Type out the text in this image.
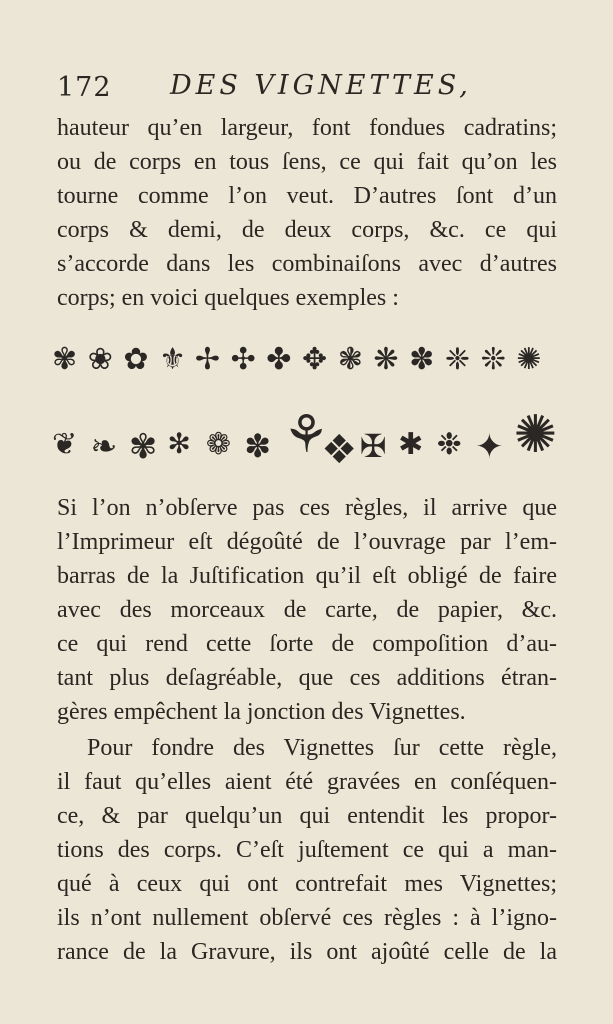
172 DES VIGNETTES,
hauteur qu’en largeur, font fondues cadratins;
ou de corps en tous ſens, ce qui fait qu’on les
tourne comme l’on veut. D’autres ſont d’un
corps & demi, de deux corps, &c. ce qui
s’accorde dans les combinaiſons avec d’autres
corps; en voici quelques exemples :
✾ ❀ ✿ ⚜ ✢ ✣ ✤ ✥ ❃ ❋ ✽ ❈ ❊ ✺
❦ ❧ ✾ ✻ ❁ ✽ ⚘
❖ ✠ ✱ ❉ ✦ ✺
Si l’on n’obſerve pas ces règles, il arrive que
l’Imprimeur eſt dégoûté de l’ouvrage par l’em-
barras de la Juſtification qu’il eſt obligé de faire
avec des morceaux de carte, de papier, &c.
ce qui rend cette ſorte de compoſition d’au-
tant plus deſagréable, que ces additions étran-
gères empêchent la jonction des Vignettes.
Pour fondre des Vignettes ſur cette règle,
il faut qu’elles aient été gravées en conſéquen-
ce, & par quelqu’un qui entendit les propor-
tions des corps. C’eſt juſtement ce qui a man-
qué à ceux qui ont contrefait mes Vignettes;
ils n’ont nullement obſervé ces règles : à l’igno-
rance de la Gravure, ils ont ajoûté celle de la
